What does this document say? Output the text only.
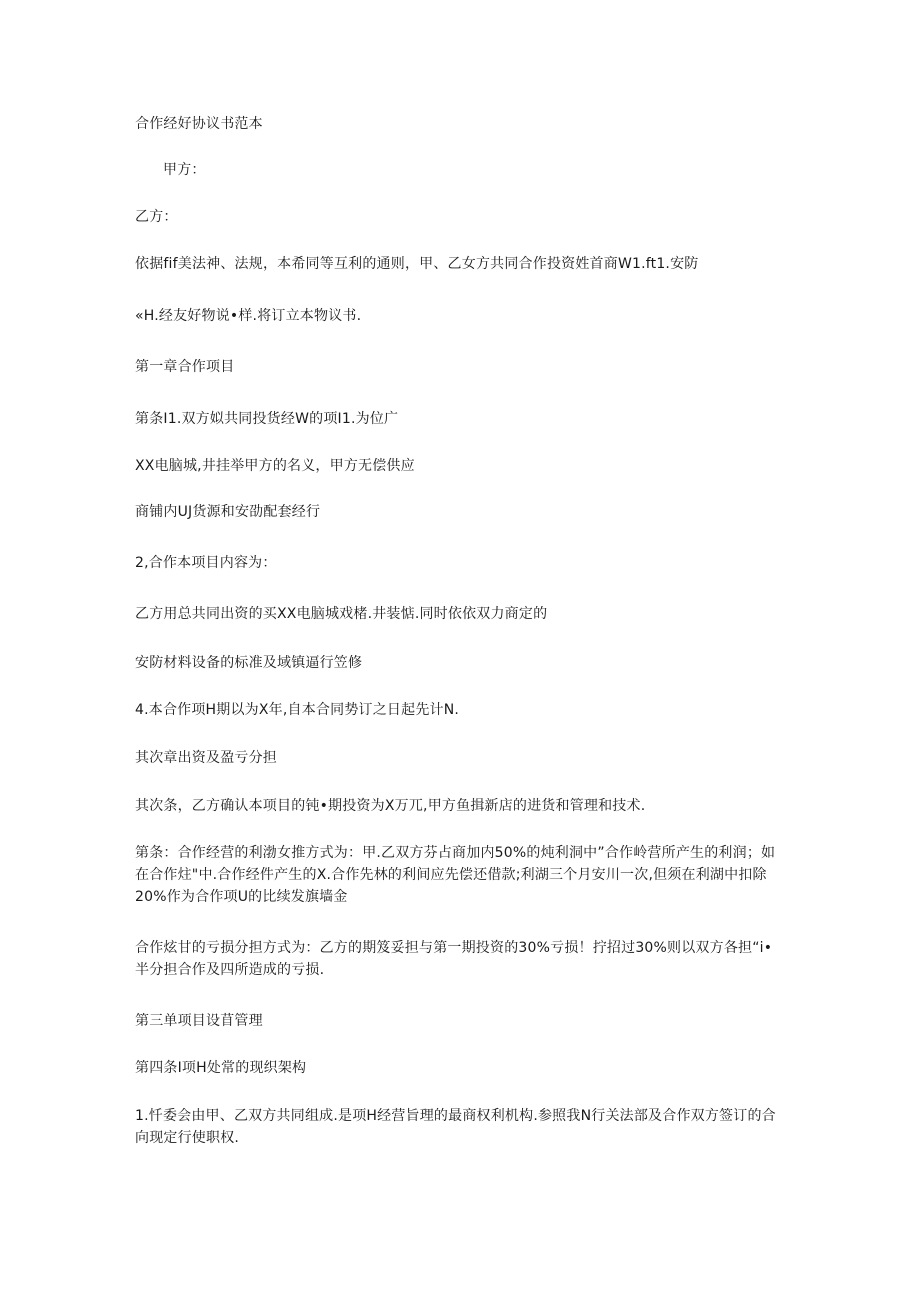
合作经好协议书范本
甲方：
乙方：
依据fif美法神、法规，本希同等互利的通则，甲、乙女方共同合作投资姓首商W1.ft1.安防
«H.经友好物说•样.将订立本物议书.
第一章合作项目
第条I1.双方姒共同投货经W的项I1.为位广
XX电脑城,井挂举甲方的名义，甲方无偿供应
商铺内UJ货源和安劭配套经行
2,合作本项目内容为：
乙方用总共同出资的买XX电脑城戏楮.井装惦.同时依依双力商定的
安防材料设备的标准及域镇逼行笠修
4.本合作项H期以为X年,自本合同势订之日起先计N.
其次章出资及盈亏分担
其次条，乙方确认本项目的钝•期投资为X万兀,甲方鱼揖新店的进货和管理和技术.
第条：合作经营的利渤女推方式为：甲.乙双方芬占商加内50%的炖利洞中”合作岭营所产生的利润；如在合作炷"中.合作经件产生的X.合作先林的利间应先偿还借款;利湖三个月安川一次,但须在利湖中扣除20%作为合作项U的比续发旗墙金
合作炫甘的亏损分担方式为：乙方的期笈妥担与第一期投资的30%亏损！拧招过30%则以双方各担“i•半分担合作及四所造成的亏损.
第三单项目设苜管理
第四条I项H处常的现织架构
1.忏委会由甲、乙双方共同组成.是项H经营旨理的最商权利机构.参照我N行关法部及合作双方签订的合向现定行使职权.
